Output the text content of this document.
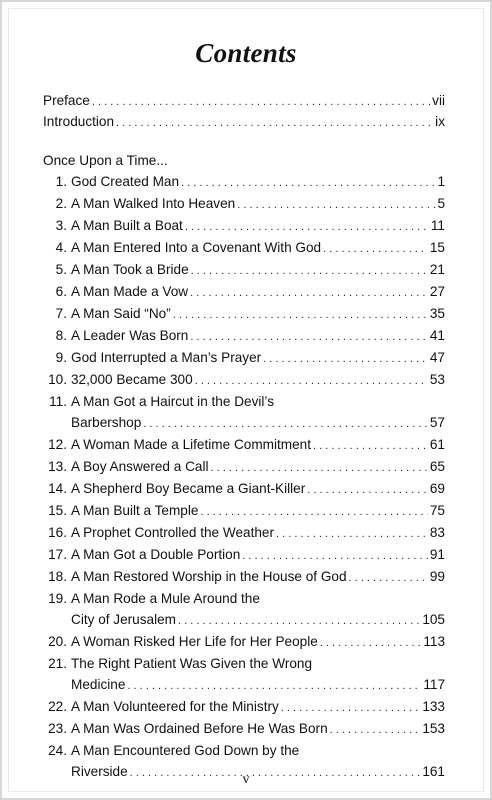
Contents
Preface . . .	vii
Introduction . . .	ix
Once Upon a Time...
1. God Created Man . . .	1
2. A Man Walked Into Heaven . . .	5
3. A Man Built a Boat . . .	11
4. A Man Entered Into a Covenant With God . . .	15
5. A Man Took a Bride . . .	21
6. A Man Made a Vow . . .	27
7. A Man Said “No” . . .	35
8. A Leader Was Born . . .	41
9. God Interrupted a Man’s Prayer . . .	47
10. 32,000 Became 300 . . .	53
11. A Man Got a Haircut in the Devil’s
Barbershop . . .	57
12. A Woman Made a Lifetime Commitment . . .	61
13. A Boy Answered a Call . . .	65
14. A Shepherd Boy Became a Giant-Killer . . .	69
15. A Man Built a Temple . . .	75
16. A Prophet Controlled the Weather . . .	83
17. A Man Got a Double Portion . . .	91
18. A Man Restored Worship in the House of God . . .	99
19. A Man Rode a Mule Around the
City of Jerusalem . . .	105
20. A Woman Risked Her Life for Her People . . .	113
21. The Right Patient Was Given the Wrong
Medicine . . .	117
22. A Man Volunteered for the Ministry . . .	133
23. A Man Was Ordained Before He Was Born . . .	153
24. A Man Encountered God Down by the
Riverside . . .	161
v
